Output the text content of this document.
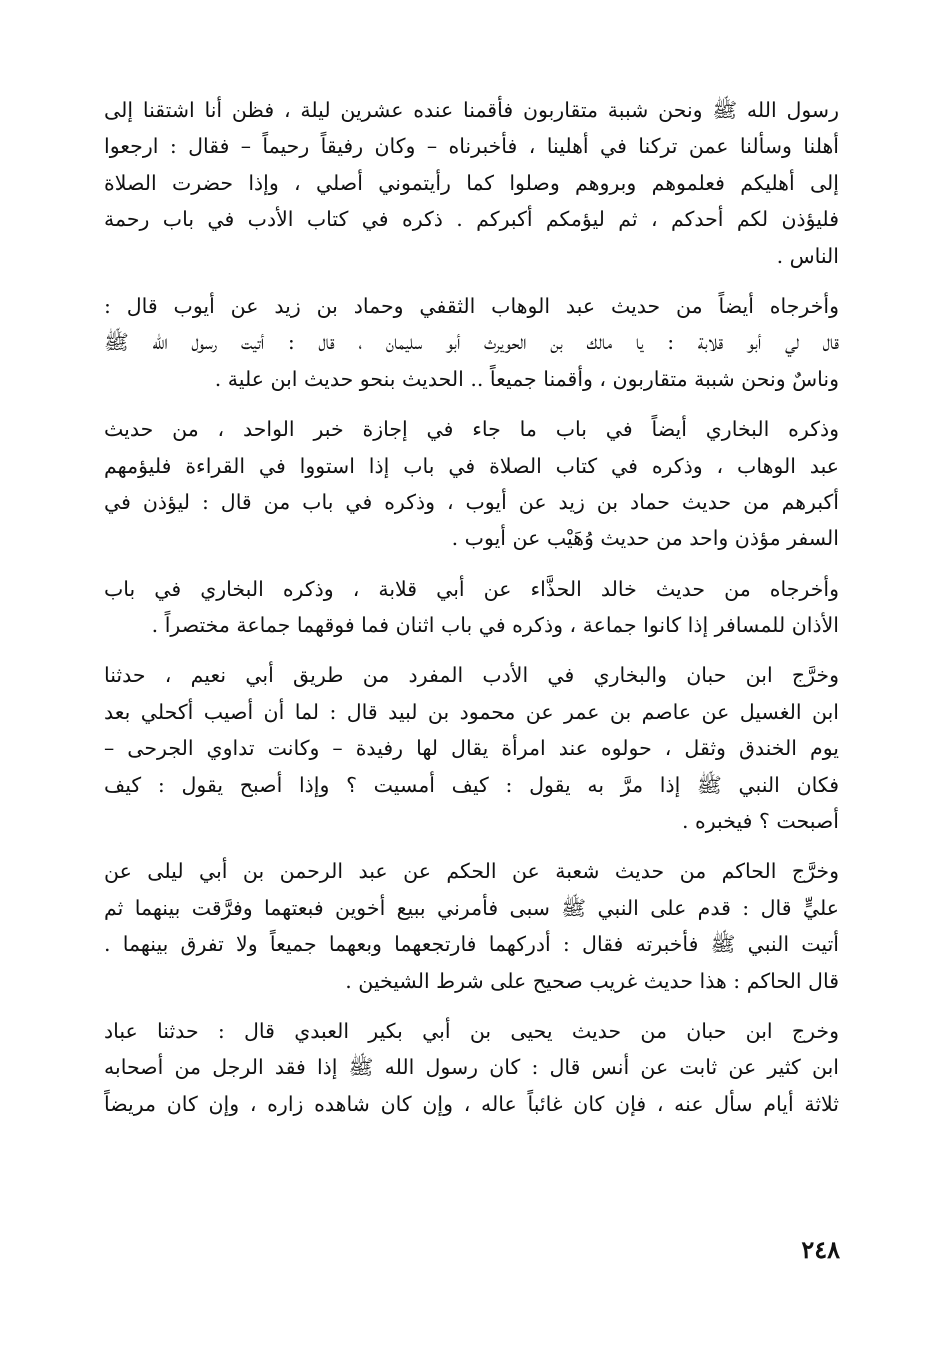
رسول الله ﷺ ونحن شببة متقاربون فأقمنا عنده عشرين ليلة ، فظن أنا اشتقنا إلى
أهلنا وسألنا عمن تركنا في أهلينا ، فأخبرناه – وكان رفيقاً رحيماً – فقال : ارجعوا
إلى أهليكم فعلموهم وبروهم وصلوا كما رأيتموني أصلي ، وإذا حضرت الصلاة
فليؤذن لكم أحدكم ، ثم ليؤمكم أكبركم . ذكره في كتاب الأدب في باب رحمة
الناس .
وأخرجاه أيضاً من حديث عبد الوهاب الثقفي وحماد بن زيد عن أيوب قال :
قال لي أبو قلابة : يا مالك بن الحويرث أبو سليمان ، قال : أتيت رسول الله ﷺ
وناسٌ ونحن شببة متقاربون ، وأقمنا جميعاً .. الحديث بنحو حديث ابن علية .
وذكره البخاري أيضاً في باب ما جاء في إجازة خبر الواحد ، من حديث
عبد الوهاب ، وذكره في كتاب الصلاة في باب إذا استووا في القراءة فليؤمهم
أكبرهم من حديث حماد بن زيد عن أيوب ، وذكره في باب من قال : ليؤذن في
السفر مؤذن واحد من حديث وُهَيْب عن أيوب .
وأخرجاه من حديث خالد الحذَّاء عن أبي قلابة ، وذكره البخاري في باب
الأذان للمسافر إذا كانوا جماعة ، وذكره في باب اثنان فما فوقهما جماعة مختصراً .
وخرَّج ابن حبان والبخاري في الأدب المفرد من طريق أبي نعيم ، حدثنا
ابن الغسيل عن عاصم بن عمر عن محمود بن لبيد قال : لما أن أصيب أكحلي بعد
يوم الخندق وثقل ، حولوه عند امرأة يقال لها رفيدة – وكانت تداوي الجرحى –
فكان النبي ﷺ إذا مرَّ به يقول : كيف أمسيت ؟ وإذا أصبح يقول : كيف
أصبحت ؟ فيخبره .
وخرَّج الحاكم من حديث شعبة عن الحكم عن عبد الرحمن بن أبي ليلى عن
عليٍّ قال : قدم على النبي ﷺ سبى فأمرني ببيع أخوين فبعتهما وفرَّقت بينهما ثم
أتيت النبي ﷺ فأخبرته فقال : أدركهما فارتجعهما وبعهما جميعاً ولا تفرق بينهما .
قال الحاكم : هذا حديث غريب صحيح على شرط الشيخين .
وخرج ابن حبان من حديث يحيى بن أبي بكير العبدي قال : حدثنا عباد
ابن كثير عن ثابت عن أنس قال : كان رسول الله ﷺ إذا فقد الرجل من أصحابه
ثلاثة أيام سأل عنه ، فإن كان غائباً عاله ، وإن كان شاهده زاره ، وإن كان مريضاً
٢٤٨
